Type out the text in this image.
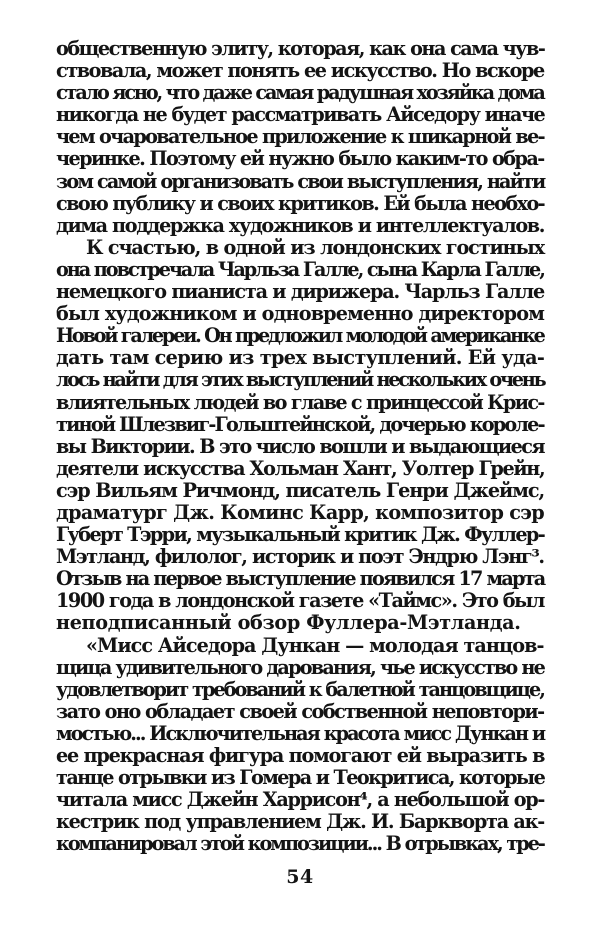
общественную элиту, которая, как она сама чув-
ствовала, может понять ее искусство. Но вскоре
стало ясно, что даже самая радушная хозяйка дома
никогда не будет рассматривать Айседору иначе
чем очаровательное приложение к шикарной ве-
черинке. Поэтому ей нужно было каким-то обра-
зом самой организовать свои выступления, найти
свою публику и своих критиков. Ей была необхо-
дима поддержка художников и интеллектуалов.
К счастью, в одной из лондонских гостиных
она повстречала Чарльза Галле, сына Карла Галле,
немецкого пианиста и дирижера. Чарльз Галле
был художником и одновременно директором
Новой галереи. Он предложил молодой американке
дать там серию из трех выступлений. Ей уда-
лось найти для этих выступлений нескольких очень
влиятельных людей во главе с принцессой Крис-
тиной Шлезвиг-Гольштейнской, дочерью короле-
вы Виктории. В это число вошли и выдающиеся
деятели искусства Хольман Хант, Уолтер Грейн,
сэр Вильям Ричмонд, писатель Генри Джеймс,
драматург Дж. Коминс Карр, композитор сэр
Губерт Тэрри, музыкальный критик Дж. Фуллер-
Мэтланд, филолог, историк и поэт Эндрю Лэнг³.
Отзыв на первое выступление появился 17 марта
1900 года в лондонской газете «Таймс». Это был
неподписанный обзор Фуллера-Мэтланда.
«Мисс Айседора Дункан — молодая танцов-
щица удивительного дарования, чье искусство не
удовлетворит требований к балетной танцовщице,
зато оно обладает своей собственной неповтори-
мостью... Исключительная красота мисс Дункан и
ее прекрасная фигура помогают ей выразить в
танце отрывки из Гомера и Теокритиса, которые
читала мисс Джейн Харрисон⁴, а небольшой ор-
кестрик под управлением Дж. И. Баркворта ак-
компанировал этой композиции... В отрывках, тре-
54
